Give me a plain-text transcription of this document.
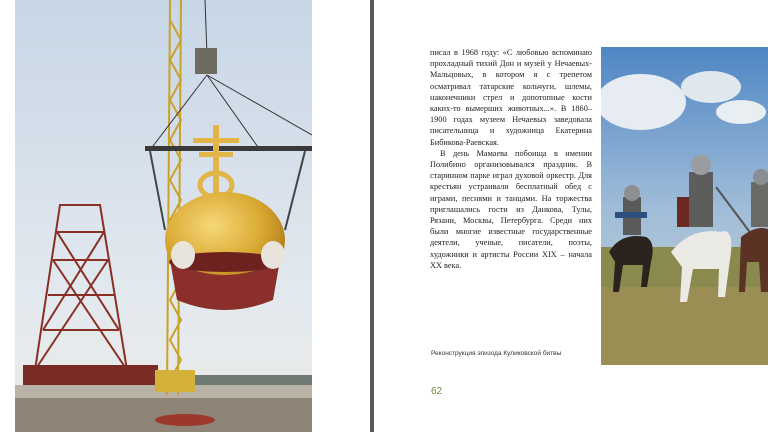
писал в 1968 году: «С любовью вспоминаю прохладный тихий Дон и музей у Нечаевых-Мальцовых, в котором я с трепетом осматривал татарские кольчуги, шлемы, наконечники стрел и допотопные кости каких-то вымерших животных...». В 1860–1900 годах музеем Нечаевых заведовала писательница и художница Екатерина Бибикова-Раевская.

В день Мамаева побоища в имении Полибино организовывался праздник. В старинном парке играл духовой оркестр. Для крестьян устраивали бесплатный обед с играми, песнями и танцами. На торжества приглашались гости из Данкова, Тулы, Рязани, Москвы, Петербурга. Среди них были многие известные государственные деятели, ученые, писатели, поэты, художники и артисты России XIX – начала XX века.

Реконструкция эпизода Куликовской битвы
62
